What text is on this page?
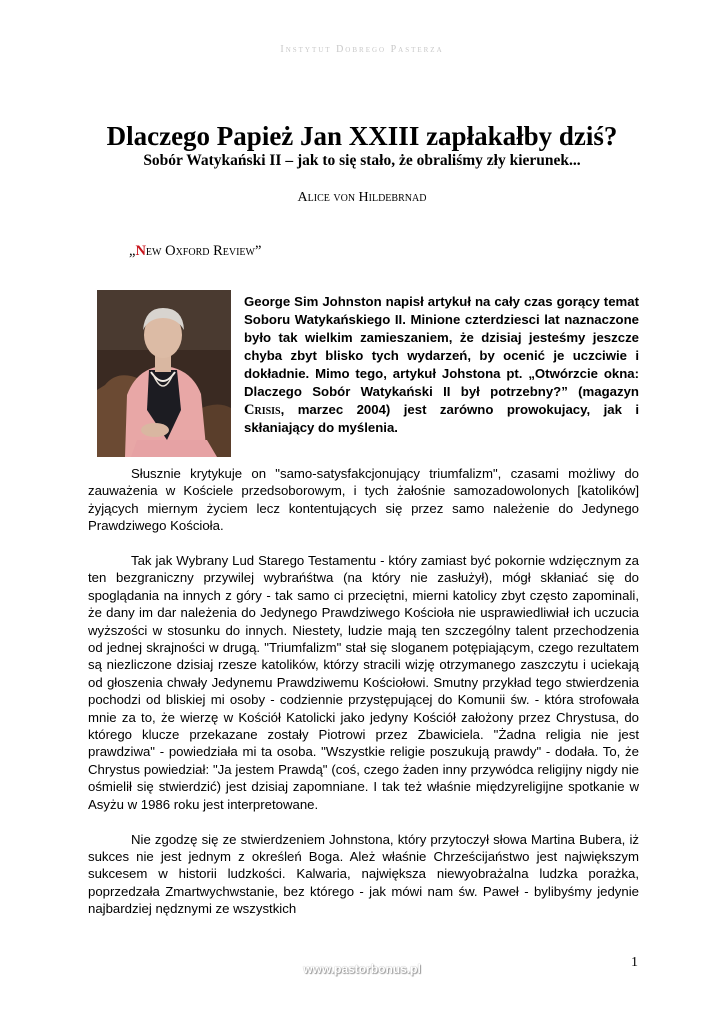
Instytut Dobrego Pasterza
Dlaczego Papież Jan XXIII zapłakałby dziś?
Sobór Watykański II – jak to się stało, że obraliśmy zły kierunek...
Alice von Hildebrnad
„New Oxford Review”
George Sim Johnston napisł artykuł na cały czas gorący temat Soboru Watykańskiego II. Minione czterdziesci lat naznaczone było tak wielkim zamieszaniem, że dzisiaj jesteśmy jeszcze chyba zbyt blisko tych wydarzeń, by ocenić je uczciwie i dokładnie. Mimo tego, artykuł Johstona pt. „Otwórzcie okna: Dlaczego Sobór Watykański II był potrzebny?” (magazyn Crisis, marzec 2004) jest zarówno prowokujacy, jak i skłaniający do myślenia.

Słusznie krytykuje on "samo-satysfakcjonujący triumfalizm", czasami możliwy do zauważenia w Kościele przedsoborowym, i tych żałośnie samozadowolonych [katolików] żyjących miernym życiem lecz kontentujących się przez samo należenie do Jedynego Prawdziwego Kościoła.

Tak jak Wybrany Lud Starego Testamentu - który zamiast być pokornie wdzięcznym za ten bezgraniczny przywilej wybrańśtwa (na który nie zasłużył), mógł skłaniać się do spoglądania na innych z góry - tak samo ci przeciętni, mierni katolicy zbyt często zapominali, że dany im dar należenia do Jedynego Prawdziwego Kościoła nie usprawiedliwiał ich uczucia wyższości w stosunku do innych. Niestety, ludzie mają ten szczególny talent przechodzenia od jednej skrajności w drugą. "Triumfalizm" stał się sloganem potępiającym, czego rezultatem są niezliczone dzisiaj rzesze katolików, którzy stracili wizję otrzymanego zaszczytu i uciekają od głoszenia chwały Jedynemu Prawdziwemu Kościołowi. Smutny przykład tego stwierdzenia pochodzi od bliskiej mi osoby - codziennie przystępującej do Komunii św. - która strofowała mnie za to, że wierzę w Kościół Katolicki jako jedyny Kościół założony przez Chrystusa, do którego klucze przekazane zostały Piotrowi przez Zbawiciela. "Żadna religia nie jest prawdziwa" - powiedziała mi ta osoba. "Wszystkie religie poszukują prawdy" - dodała. To, że Chrystus powiedział: "Ja jestem Prawdą" (coś, czego żaden inny przywódca religijny nigdy nie ośmielił się stwierdzić) jest dzisiaj zapomniane. I tak też właśnie międzyreligijne spotkanie w Asyżu w 1986 roku jest interpretowane.

Nie zgodzę się ze stwierdzeniem Johnstona, który przytoczył słowa Martina Bubera, iż sukces nie jest jednym z określeń Boga. Ależ właśnie Chrześcijaństwo jest największym sukcesem w historii ludzkości. Kalwaria, największa niewyobrażalna ludzka porażka, poprzedzała Zmartwychwstanie, bez którego - jak mówi nam św. Paweł - bylibyśmy jedynie najbardziej nędznymi ze wszystkich

1
www.pastorbonus.pl
